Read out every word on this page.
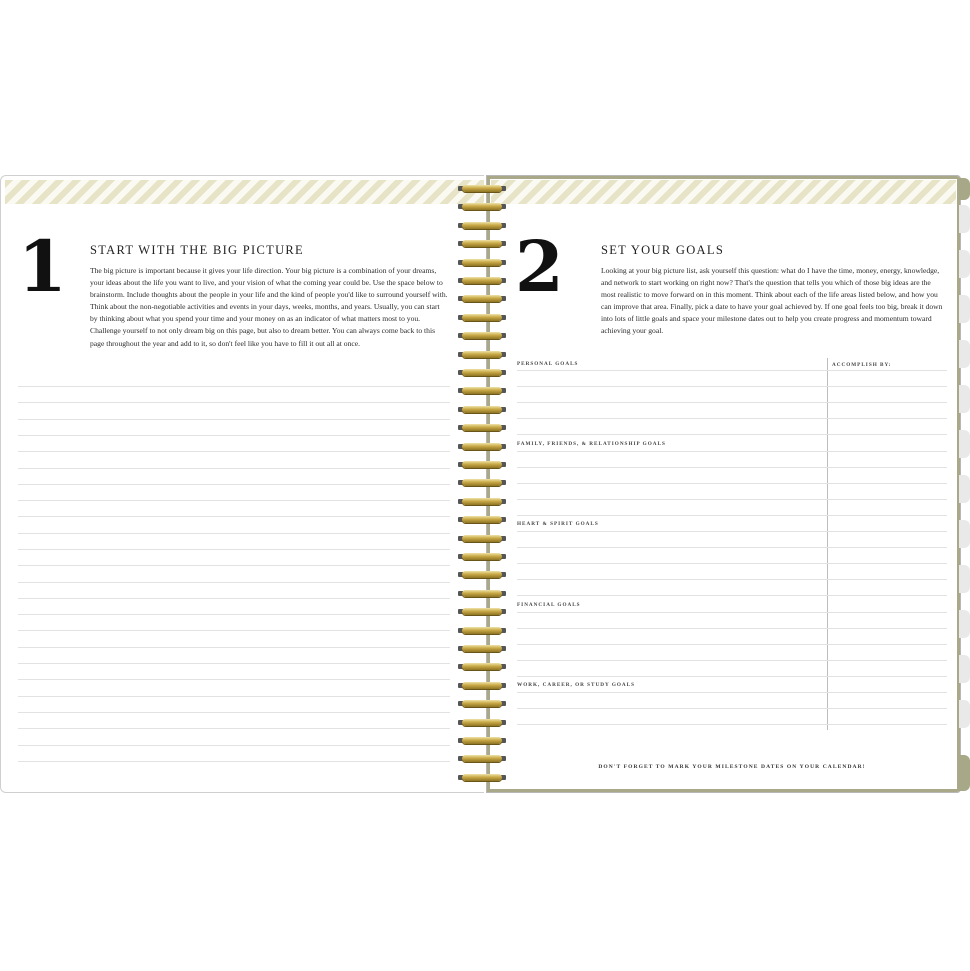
1 START WITH THE BIG PICTURE

The big picture is important because it gives your life direction. Your big picture is a combination of your dreams, your ideas about the life you want to live, and your vision of what the coming year could be. Use the space below to brainstorm. Include thoughts about the people in your life and the kind of people you'd like to surround yourself with. Think about the non-negotiable activities and events in your days, weeks, months, and years. Usually, you can start by thinking about what you spend your time and your money on as an indicator of what matters most to you. Challenge yourself to not only dream big on this page, but also to dream better. You can always come back to this page throughout the year and add to it, so don't feel like you have to fill it out all at once.

2	SET YOUR GOALS

Looking at your big picture list, ask yourself this question: what do I have the time, money, energy, knowledge, and network to start working on right now? That's the question that tells you which of those big ideas are the most realistic to move forward on in this moment. Think about each of the life areas listed below, and how you can improve that area. Finally, pick a date to have your goal achieved by. If one goal feels too big, break it down into lots of little goals and space your milestone dates out to help you create progress and momentum toward achieving your goal.

ACCOMPLISH BY:
PERSONAL GOALS
FAMILY, FRIENDS, & RELATIONSHIP GOALS
HEART & SPIRIT GOALS
FINANCIAL GOALS
WORK, CAREER, OR STUDY GOALS
DON'T FORGET TO MARK YOUR MILESTONE DATES ON YOUR CALENDAR!
